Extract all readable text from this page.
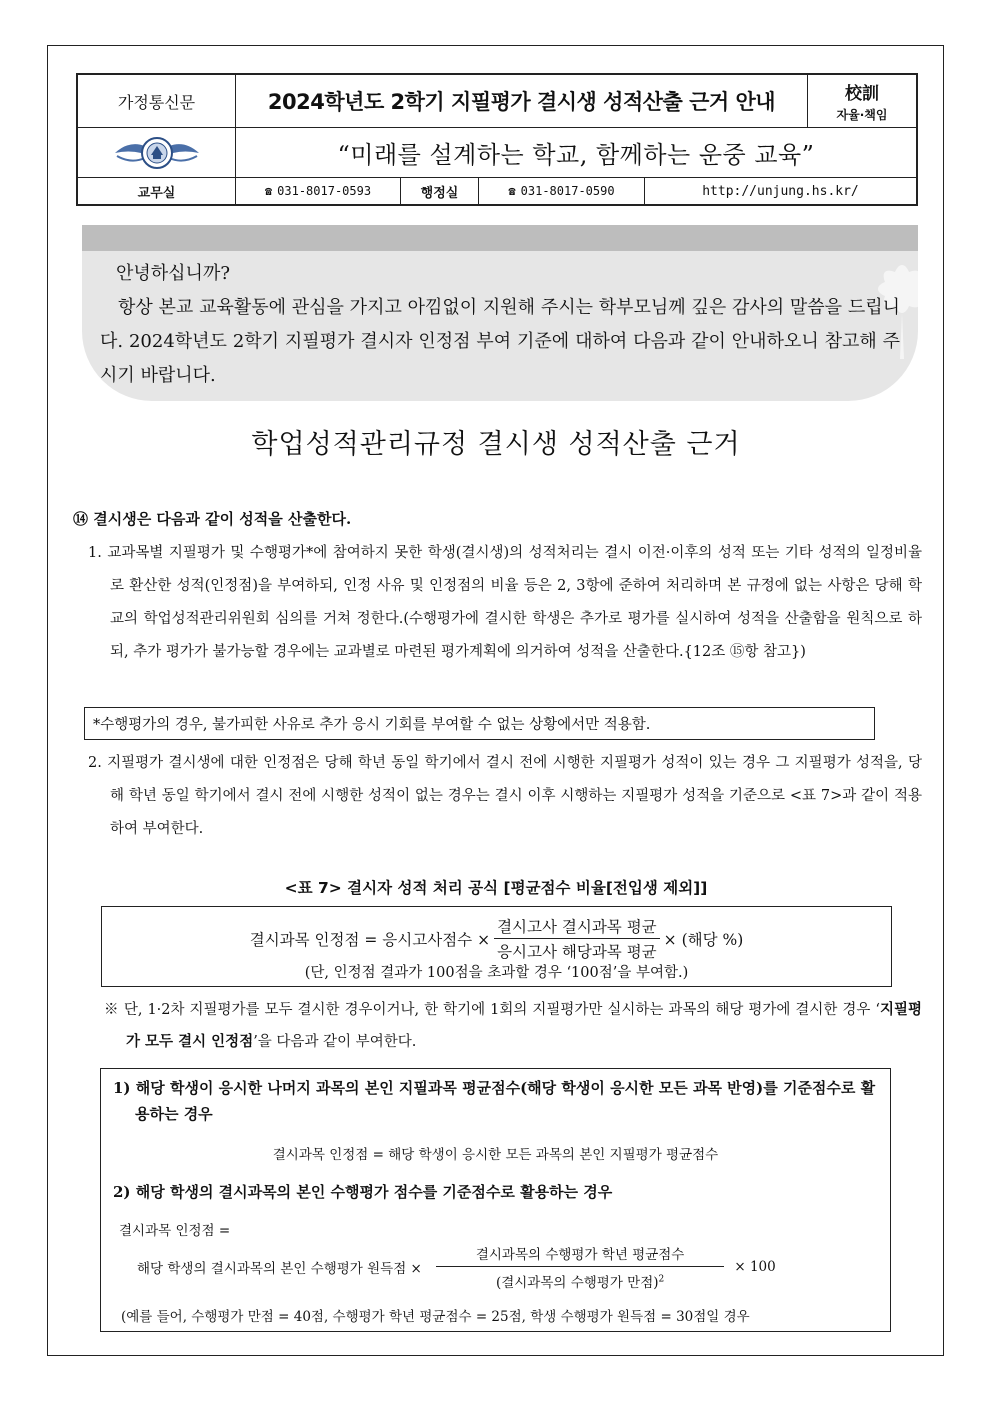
가정통신문	2024학년도 2학기 지필평가 결시생 성적산출 근거 안내	校訓
자율·책임
“미래를 설계하는 학교, 함께하는 운중 교육”
교무실	☎ 031-8017-0593	행정실	☎ 031-8017-0590	http://unjung.hs.kr/
안녕하십니까?
항상 본교 교육활동에 관심을 가지고 아낌없이 지원해 주시는 학부모님께 깊은 감사의 말씀을 드립니다. 2024학년도 2학기 지필평가 결시자 인정점 부여 기준에 대하여 다음과 같이 안내하오니 참고해 주시기 바랍니다.
학업성적관리규정 결시생 성적산출 근거
⑭ 결시생은 다음과 같이 성적을 산출한다.
1. 교과목별 지필평가 및 수행평가*에 참여하지 못한 학생(결시생)의 성적처리는 결시 이전·이후의 성적 또는 기타 성적의 일정비율로 환산한 성적(인정점)을 부여하되, 인정 사유 및 인정점의 비율 등은 2, 3항에 준하여 처리하며 본 규정에 없는 사항은 당해 학교의 학업성적관리위원회 심의를 거쳐 정한다.(수행평가에 결시한 학생은 추가로 평가를 실시하여 성적을 산출함을 원칙으로 하되, 추가 평가가 불가능할 경우에는 교과별로 마련된 평가계획에 의거하여 성적을 산출한다.{12조 ⑮항 참고})
*수행평가의 경우, 불가피한 사유로 추가 응시 기회를 부여할 수 없는 상황에서만 적용함.
2. 지필평가 결시생에 대한 인정점은 당해 학년 동일 학기에서 결시 전에 시행한 지필평가 성적이 있는 경우 그 지필평가 성적을, 당해 학년 동일 학기에서 결시 전에 시행한 성적이 없는 경우는 결시 이후 시행하는 지필평가 성적을 기준으로 <표 7>과 같이 적용하여 부여한다.
<표 7> 결시자 성적 처리 공식 [평균점수 비율[전입생 제외]]
결시과목 인정점 = 응시고사점수 × $\frac{\text{결시고사 결시과목 평균}}{\text{응시고사 해당과목 평균}}$ × (해당 %)
(단, 인정점 결과가 100점을 초과할 경우 ‘100점’을 부여함.)
※ 단, 1·2차 지필평가를 모두 결시한 경우이거나, 한 학기에 1회의 지필평가만 실시하는 과목의 해당 평가에 결시한 경우 ‘지필평가 모두 결시 인정점’을 다음과 같이 부여한다.
1) 해당 학생이 응시한 나머지 과목의 본인 지필과목 평균점수(해당 학생이 응시한 모든 과목 반영)를 기준점수로 활용하는 경우
결시과목 인정점 = 해당 학생이 응시한 모든 과목의 본인 지필평가 평균점수
2) 해당 학생의 결시과목의 본인 수행평가 점수를 기준점수로 활용하는 경우
결시과목 인정점 =
해당 학생의 결시과목의 본인 수행평가 원득점 × $\frac{\text{결시과목의 수행평가 학년 평균점수}}{(결시과목의 수행평가 만점)^2} \times 100$
(예를 들어, 수행평가 만점 = 40점, 수행평가 학년 평균점수 = 25점, 학생 수행평가 원득점 = 30점일 경우
